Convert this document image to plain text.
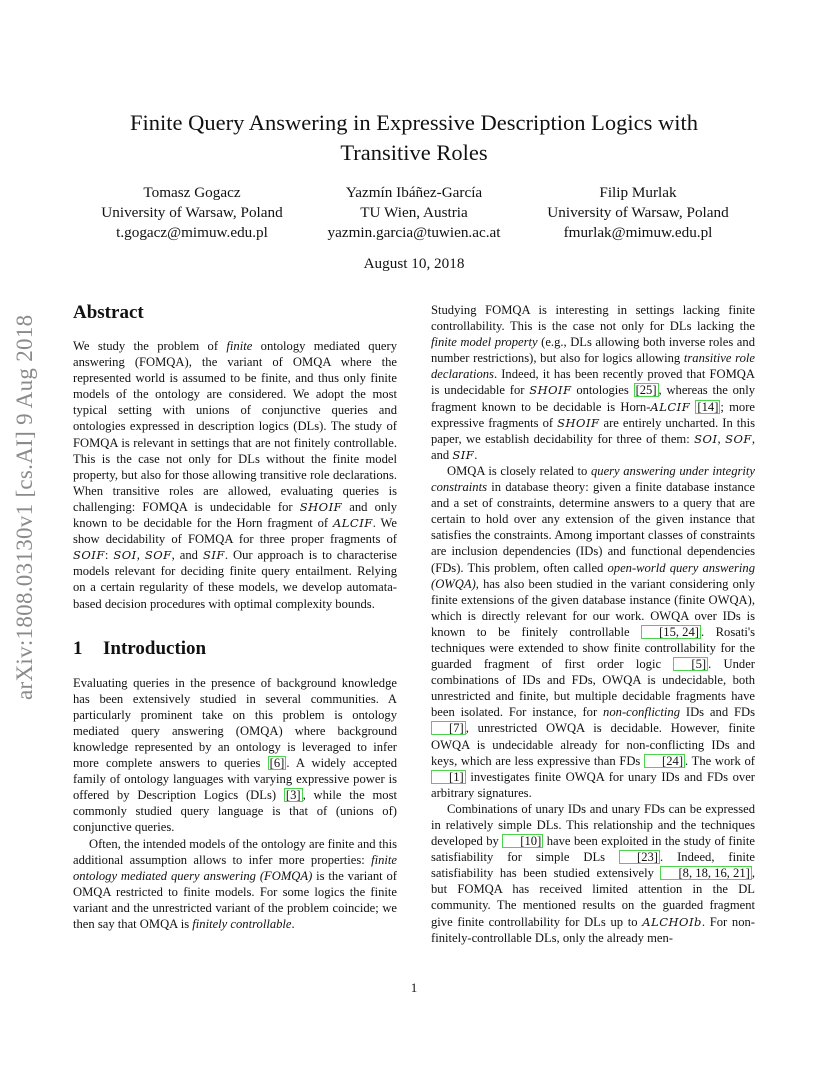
arXiv:1808.03130v1 [cs.AI] 9 Aug 2018
Finite Query Answering in Expressive Description Logics with
Transitive Roles
Tomasz Gogacz
University of Warsaw, Poland
t.gogacz@mimuw.edu.pl
Yazmín Ibáñez-García
TU Wien, Austria
yazmin.garcia@tuwien.ac.at
Filip Murlak
University of Warsaw, Poland
fmurlak@mimuw.edu.pl
August 10, 2018
Abstract

We study the problem of finite ontology mediated query answering (FOMQA), the variant of OMQA where the represented world is assumed to be finite, and thus only finite models of the ontology are considered. We adopt the most typical setting with unions of conjunctive queries and ontologies expressed in description logics (DLs). The study of FOMQA is relevant in settings that are not finitely controllable. This is the case not only for DLs without the finite model property, but also for those allowing transitive role declarations. When transitive roles are allowed, evaluating queries is challenging: FOMQA is undecidable for SHOIF and only known to be decidable for the Horn fragment of ALCIF. We show decidability of FOMQA for three proper fragments of SOIF: SOI, SOF, and SIF. Our approach is to characterise models relevant for deciding finite query entailment. Relying on a certain regularity of these models, we develop automata-based decision procedures with optimal complexity bounds.

1 Introduction

Evaluating queries in the presence of background knowledge has been extensively studied in several communities. A particularly prominent take on this problem is ontology mediated query answering (OMQA) where background knowledge represented by an ontology is leveraged to infer more complete answers to queries [6] . A widely accepted family of ontology languages with varying expressive power is offered by Description Logics (DLs) [3] , while the most commonly studied query language is that of (unions of) conjunctive queries.

Often, the intended models of the ontology are finite and this additional assumption allows to infer more properties: finite ontology mediated query answering (FOMQA) is the variant of OMQA restricted to finite models. For some logics the finite variant and the unrestricted variant of the problem coincide; we then say that OMQA is finitely controllable.

Studying FOMQA is interesting in settings lacking finite controllability. This is the case not only for DLs lacking the finite model property (e.g., DLs allowing both inverse roles and number restrictions), but also for logics allowing transitive role declarations. Indeed, it has been recently proved that FOMQA is undecidable for SHOIF ontologies [25] , whereas the only fragment known to be decidable is Horn-ALCIF [14] ; more expressive fragments of SHOIF are entirely uncharted. In this paper, we establish decidability for three of them: SOI, SOF, and SIF.

OMQA is closely related to query answering under integrity constraints in database theory: given a finite database instance and a set of constraints, determine answers to a query that are certain to hold over any extension of the given instance that satisfies the constraints. Among important classes of constraints are inclusion dependencies (IDs) and functional dependencies (FDs). This problem, often called open-world query answering (OWQA), has also been studied in the variant considering only finite extensions of the given database instance (finite OWQA), which is directly relevant for our work. OWQA over IDs is known to be finitely controllable [15, 24] . Rosati's techniques were extended to show finite controllability for the guarded fragment of first order logic [5] . Under combinations of IDs and FDs, OWQA is undecidable, both unrestricted and finite, but multiple decidable fragments have been isolated. For instance, for non-conflicting IDs and FDs [7] , unrestricted OWQA is decidable. However, finite OWQA is undecidable already for non-conflicting IDs and keys, which are less expressive than FDs [24] . The work of [1] investigates finite OWQA for unary IDs and FDs over arbitrary signatures.

Combinations of unary IDs and unary FDs can be expressed in relatively simple DLs. This relationship and the techniques developed by [10] have been exploited in the study of finite satisfiability for simple DLs [23] . Indeed, finite satisfiability has been studied extensively [8, 18, 16, 21] , but FOMQA has received limited attention in the DL community. The mentioned results on the guarded fragment give finite controllability for DLs up to ALCHOIb. For non-finitely-controllable DLs, only the already men-

1
